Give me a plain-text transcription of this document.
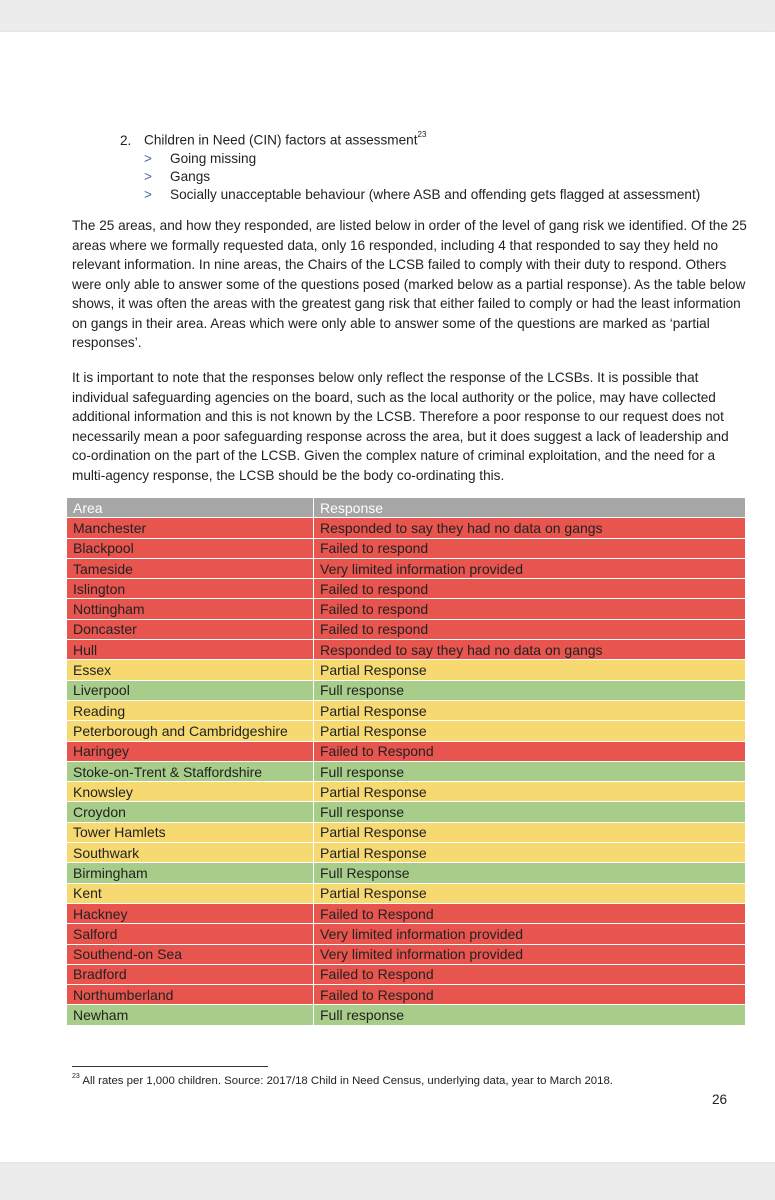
2. Children in Need (CIN) factors at assessment$^{23}$
> Going missing
> Gangs
> Socially unacceptable behaviour (where ASB and offending gets flagged at assessment)

The 25 areas, and how they responded, are listed below in order of the level of gang risk we identified. Of the 25 areas where we formally requested data, only 16 responded, including 4 that responded to say they held no relevant information. In nine areas, the Chairs of the LCSB failed to comply with their duty to respond. Others were only able to answer some of the questions posed (marked below as a partial response). As the table below shows, it was often the areas with the greatest gang risk that either failed to comply or had the least information on gangs in their area. Areas which were only able to answer some of the questions are marked as ‘partial responses’.

It is important to note that the responses below only reflect the response of the LCSBs. It is possible that individual safeguarding agencies on the board, such as the local authority or the police, may have collected additional information and this is not known by the LCSB. Therefore a poor response to our request does not necessarily mean a poor safeguarding response across the area, but it does suggest a lack of leadership and co-ordination on the part of the LCSB. Given the complex nature of criminal exploitation, and the need for a multi-agency response, the LCSB should be the body co-ordinating this.

Area	Response
Manchester	Responded to say they had no data on gangs
Blackpool	Failed to respond
Tameside	Very limited information provided
Islington	Failed to respond
Nottingham	Failed to respond
Doncaster	Failed to respond
Hull	Responded to say they had no data on gangs
Essex	Partial Response
Liverpool	Full response
Reading	Partial Response
Peterborough and Cambridgeshire	Partial Response
Haringey	Failed to Respond
Stoke-on-Trent & Staffordshire	Full response
Knowsley	Partial Response
Croydon	Full response
Tower Hamlets	Partial Response
Southwark	Partial Response
Birmingham	Full Response
Kent	Partial Response
Hackney	Failed to Respond
Salford	Very limited information provided
Southend-on Sea	Very limited information provided
Bradford	Failed to Respond
Northumberland	Failed to Respond
Newham	Full response
$^{23}$ All rates per 1,000 children. Source: 2017/18 Child in Need Census, underlying data, year to March 2018.
26
